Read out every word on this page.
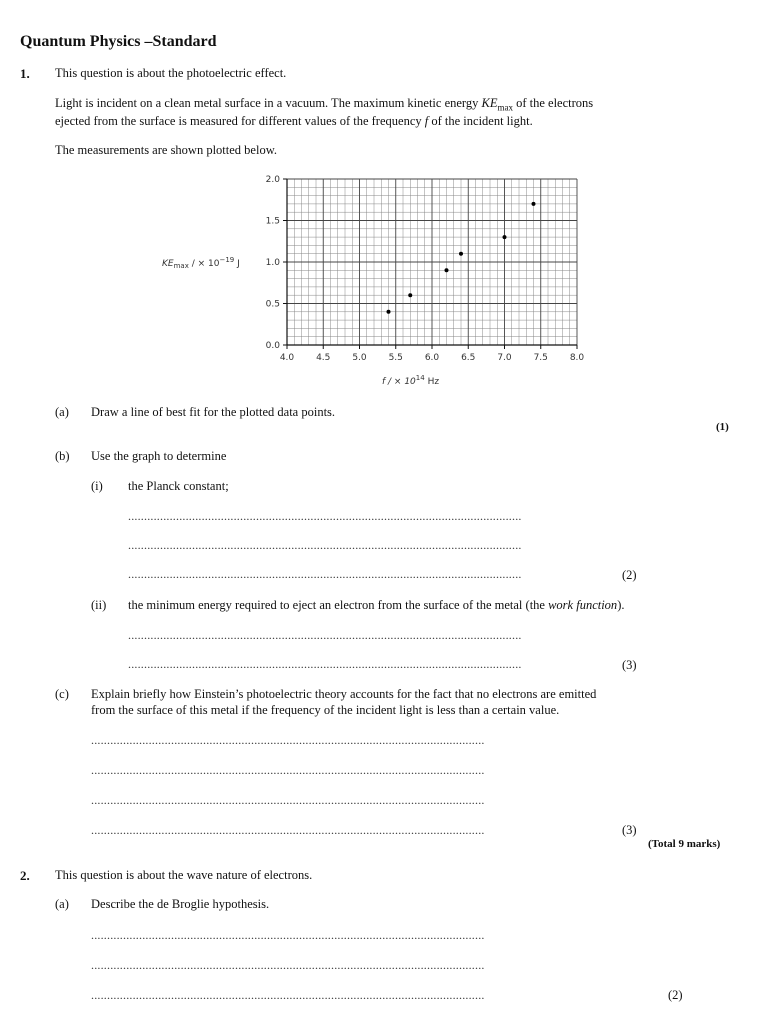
Quantum Physics –Standard
1. This question is about the photoelectric effect.
Light is incident on a clean metal surface in a vacuum. The maximum kinetic energy $KE_{max}$ of the electrons
ejected from the surface is measured for different values of the frequency f of the incident light.
The measurements are shown plotted below.
4.0 4.5 5.0 5.5 6.0 6.5 7.0 7.5 8.0
0.0
0.5
1.0
1.5
2.0
$KE_{max}$ / × $10^{-19}$ J
f / × $10^{14}$ Hz
(a) Draw a line of best fit for the plotted data points.
(1)
(b) Use the graph to determine
(i) the Planck constant;
...........................................................................................................................
...........................................................................................................................
...........................................................................................................................	(2)
(ii) the minimum energy required to eject an electron from the surface of the metal (the work function).
...........................................................................................................................
...........................................................................................................................	(3)
(c) Explain briefly how Einstein’s photoelectric theory accounts for the fact that no electrons are emitted
from the surface of this metal if the frequency of the incident light is less than a certain value.
...........................................................................................................................
...........................................................................................................................
...........................................................................................................................
...........................................................................................................................	(3)
(Total 9 marks)
2. This question is about the wave nature of electrons.
(a) Describe the de Broglie hypothesis.
...........................................................................................................................
...........................................................................................................................
...........................................................................................................................	(2)
